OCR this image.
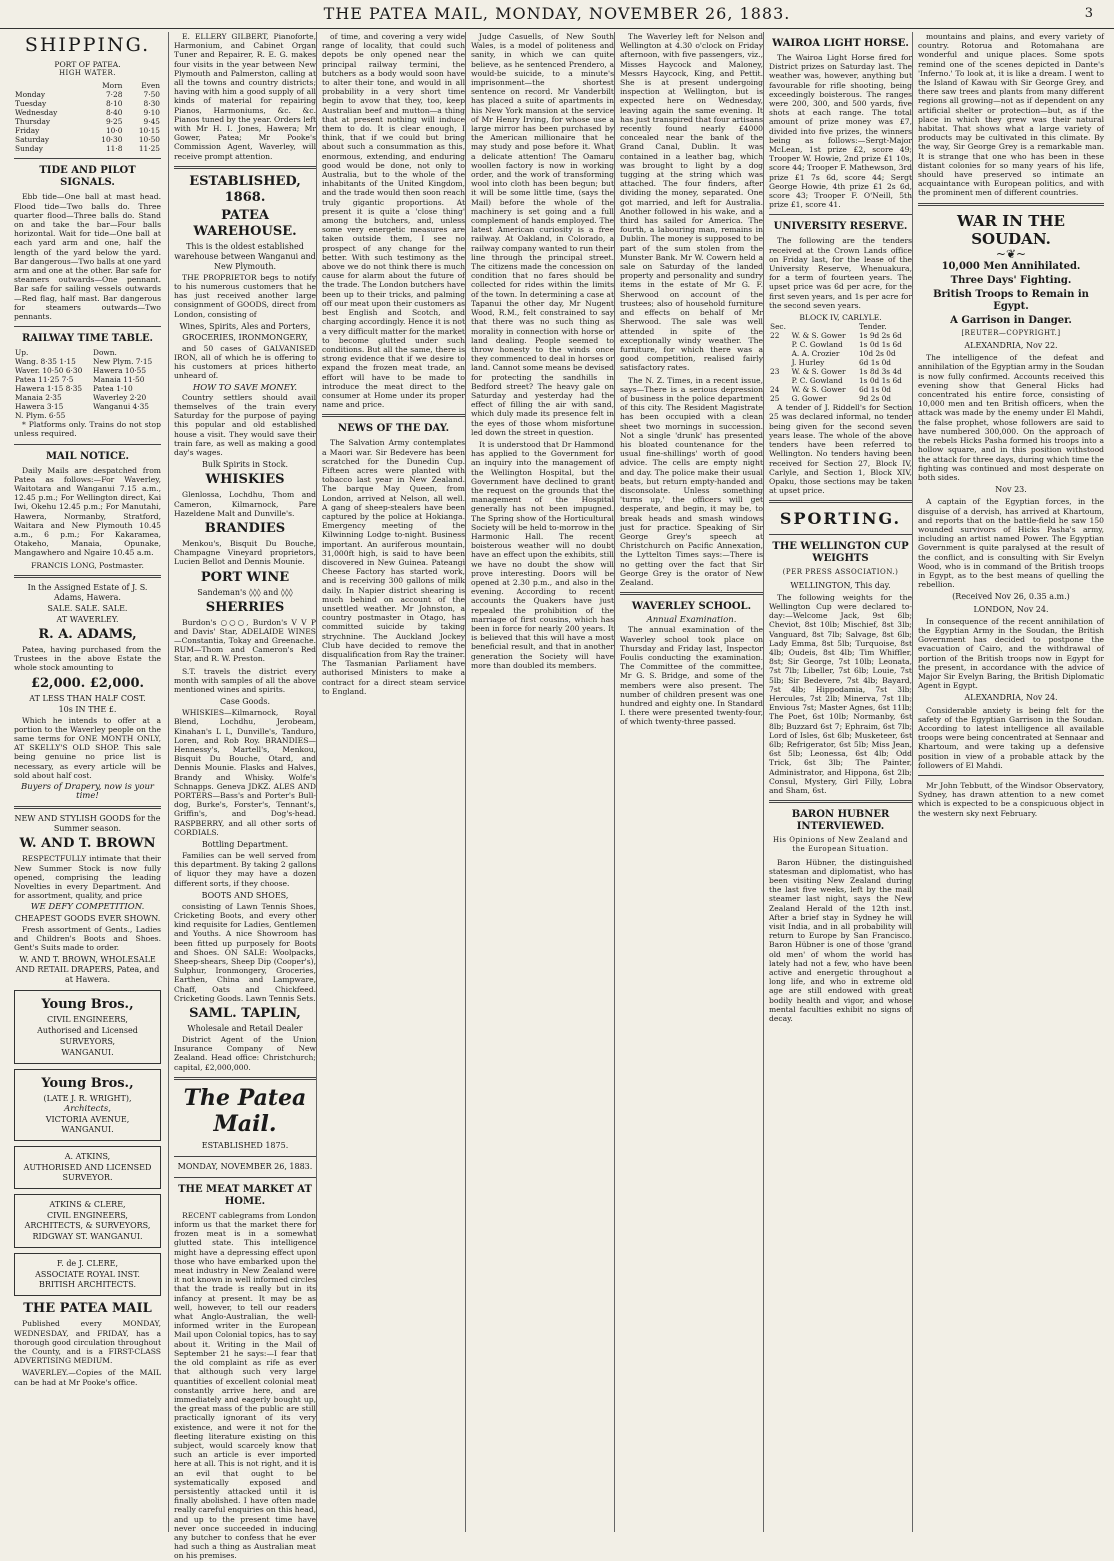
THE PATEA MAIL, MONDAY, NOVEMBER 26, 1883.	3
SHIPPING.
PORT OF PATEA.
HIGH WATER.
	Morn	Even
Monday	7·28	7·50
Tuesday	8·10	8·30
Wednesday	8·40	9·10
Thursday	9·25	9·45
Friday	10·0	10·15
Saturday	10·30	10·50
Sunday	11·8	11·25
TIDE AND PILOT SIGNALS.

Ebb tide—One ball at mast head. Flood tide—Two balls do. Three quarter flood—Three balls do. Stand on and take the bar—Four balls horizontal. Wait for tide—One ball at each yard arm and one, half the length of the yard below the yard. Bar dangerous—Two balls at one yard arm and one at the other. Bar safe for steamers outwards—One pennant. Bar safe for sailing vessels outwards—Red flag, half mast. Bar dangerous for steamers outwards—Two pennants.

RAILWAY TIME TABLE.
Up.	Down.
Wang. 8·35 1·15	New Plym. 7·15
Waver. 10·50 6·30	Hawera 10·55
Patea 11·25 7·5	Manaia 11·50
Hawera 1·15 8·35	Patea 1·10
Manaia 2·35	Waverley 2·20
Hawera 3·15	Wanganui 4·35
N. Plym. 6·55	

* Platforms only. Trains do not stop unless required.

MAIL NOTICE.

Daily Mails are despatched from Patea as follows:—For Waverley, Waitotara and Wanganui 7.15 a.m., 12.45 p.m.; For Wellington direct, Kai Iwi, Okehu 12.45 p.m.; For Manutahi, Hawera, Normanby, Stratford, Waitara and New Plymouth 10.45 a.m., 6 p.m.; For Kakaramea, Otakeho, Manaia, Opunake, Mangawhero and Ngaire 10.45 a.m.

FRANCIS LONG, Postmaster.
In the Assigned Estate of J. S. Adams, Hawera.
SALE. SALE. SALE.
AT WAVERLEY.
R. A. ADAMS,

Patea, having purchased from the Trustees in the above Estate the whole stock amounting to

£2,000. £2,000.
AT LESS THAN HALF COST.
10s IN THE £.

Which he intends to offer at a portion to the Waverley people on the same terms for ONE MONTH ONLY, AT SKELLY'S OLD SHOP. This sale being genuine no price list is necessary, as every article will be sold about half cost.

Buyers of Drapery, now is your time!
NEW AND STYLISH GOODS for the Summer season.
W. AND T. BROWN

RESPECTFULLY intimate that their New Summer Stock is now fully opened, comprising the leading Novelties in every Department. And for assortment, quality, and price

WE DEFY COMPETITION.
CHEAPEST GOODS EVER SHOWN.

Fresh assortment of Gents., Ladies and Children's Boots and Shoes. Gent's Suits made to order.

W. AND T. BROWN, WHOLESALE AND RETAIL DRAPERS, Patea, and at Hawera.
Young Bros.,
CIVIL ENGINEERS,
Authorised and Licensed
SURVEYORS,
WANGANUI.
Young Bros.,
(LATE J. R. WRIGHT),
Architects,
VICTORIA AVENUE, WANGANUI.
A. ATKINS,
AUTHORISED AND LICENSED SURVEYOR.
ATKINS & CLERE,
CIVIL ENGINEERS, ARCHITECTS, & SURVEYORS,
RIDGWAY ST. WANGANUI.
F. de J. CLERE,
ASSOCIATE ROYAL INST. BRITISH ARCHITECTS.
THE PATEA MAIL

Published every MONDAY, WEDNESDAY, and FRIDAY, has a thorough good circulation throughout the County, and is a FIRST-CLASS ADVERTISING MEDIUM.

WAVERLEY.—Copies of the MAIL can be had at Mr Pooke's office.

E. ELLERY GILBERT, Pianoforte, Harmonium, and Cabinet Organ Tuner and Repairer, R. E. G. makes four visits in the year between New Plymouth and Palmerston, calling at all the towns and country districts; having with him a good supply of all kinds of material for repairing Pianos, Harmoniums, &c. &c. Pianos tuned by the year. Orders left with Mr H. I. Jones, Hawera; Mr Gower, Patea; Mr Pooke's Commission Agent, Waverley, will receive prompt attention.

ESTABLISHED, 1868.
PATEA WAREHOUSE.
This is the oldest established warehouse between Wanganui and New Plymouth.

THE PROPRIETOR begs to notify to his numerous customers that he has just received another large consignment of GOODS, direct from London, consisting of

Wines, Spirits, Ales and Porters,
GROCERIES, IRONMONGERY,

and 50 cases of GALVANISED IRON, all of which he is offering to his customers at prices hitherto unheard of.

HOW TO SAVE MONEY.

Country settlers should avail themselves of the train every Saturday for the purpose of paying this popular and old established house a visit. They would save their train fare, as well as making a good day's wages.

Bulk Spirits in Stock.
WHISKIES

Glenlossa, Lochdhu, Thom and Cameron, Kilmarnock, Pare Hazeldene Malt and Dunville's.

BRANDIES

Menkou's, Bisquit Du Bouche, Champagne Vineyard proprietors, Lucien Bellot and Dennis Mounie.

PORT WINE
Sandeman's ◊◊◊ and ◊◊◊
SHERRIES

Burdon's ○○○, Burdon's V V P and Davis' Star, ADELAIDE WINES—Constantia, Tokay and Greenache. RUM—Thom and Cameron's Red Star, and R. W. Preston.

S.T. travels the district every month with samples of all the above mentioned wines and spirits.

Case Goods.

WHISKIES—Kilmarnock, Royal Blend, Lochdhu, Jerobeam, Kinahan's L L, Dunville's, Tanduro, Loren, and Rob Roy. BRANDIES—Hennessy's, Martell's, Menkou, Bisquit Du Bouche, Otard, and Dennis Mounie. Flasks and Halves, Brandy and Whisky. Wolfe's Schnapps. Geneva JDKZ. ALES AND PORTERS—Bass's and Porter's Bull-dog, Burke's, Forster's, Tennant's, Griffin's, and Dog's-head. RASPBERRY, and all other sorts of CORDIALS.

Bottling Department.

Families can be well served from this department. By taking 2 gallons of liquor they may have a dozen different sorts, if they choose.

BOOTS AND SHOES,

consisting of Lawn Tennis Shoes, Cricketing Boots, and every other kind requisite for Ladies, Gentlemen and Youths. A nice Showroom has been fitted up purposely for Boots and Shoes. ON SALE: Woolpacks, Sheep-shears, Sheep Dip (Cooper's), Sulphur, Ironmongery, Groceries, Earthen, China and Lampware, Chaff, Oats and Chickfeed. Cricketing Goods. Lawn Tennis Sets.

SAML. TAPLIN,
Wholesale and Retail Dealer

District Agent of the Union Insurance Company of New Zealand. Head office: Christchurch; capital, £2,000,000.

The Patea Mail.
ESTABLISHED 1875.
MONDAY, NOVEMBER 26, 1883.
THE MEAT MARKET AT HOME.

RECENT cablegrams from London inform us that the market there for frozen meat is in a somewhat glutted state. This intelligence might have a depressing effect upon those who have embarked upon the meat industry in New Zealand were it not known in well informed circles that the trade is really but in its infancy at present. It may be as well, however, to tell our readers what Anglo-Australian, the well-informed writer in the European Mail upon Colonial topics, has to say about it. Writing in the Mail of September 21 he says:—I fear that the old complaint as rife as ever that although such very large quantities of excellent colonial meat constantly arrive here, and are immediately and eagerly bought up, the great mass of the public are still practically ignorant of its very existence, and were it not for the fleeting literature existing on this subject, would scarcely know that such an article is ever imported here at all. This is not right, and it is an evil that ought to be systematically exposed and persistently attacked until it is finally abolished. I have often made really careful enquiries on this head, and up to the present time have never once succeeded in inducing any butcher to confess that he ever had such a thing as Australian meat on his premises.

of time, and covering a very wide range of locality, that could such depots be only opened near the principal railway termini, the butchers as a body would soon have to alter their tone, and would in all probability in a very short time begin to avow that they, too, keep Australian beef and mutton—a thing that at present nothing will induce them to do. It is clear enough, I think, that if we could but bring about such a consummation as this, enormous, extending, and enduring good would be done, not only to Australia, but to the whole of the inhabitants of the United Kingdom, and the trade would then soon reach truly gigantic proportions. At present it is quite a 'close thing' among the butchers, and, unless some very energetic measures are taken outside them, I see no prospect of any change for the better. With such testimony as the above we do not think there is much cause for alarm about the future of the trade. The London butchers have been up to their tricks, and palming off our meat upon their customers as best English and Scotch, and charging accordingly. Hence it is not a very difficult matter for the market to become glutted under such conditions. But all the same, there is strong evidence that if we desire to expand the frozen meat trade, an effort will have to be made to introduce the meat direct to the consumer at Home under its proper name and price.

NEWS OF THE DAY.

The Salvation Army contemplates a Maori war. Sir Bedevere has been scratched for the Dunedin Cup. Fifteen acres were planted with tobacco last year in New Zealand. The barque May Queen, from London, arrived at Nelson, all well. A gang of sheep-stealers have been captured by the police at Hokianga. Emergency meeting of the Kilwinning Lodge to-night. Business important. An auriferous mountain, 31,000ft high, is said to have been discovered in New Guinea. Pateangi Cheese Factory has started work, and is receiving 300 gallons of milk daily. In Napier district shearing is much behind on account of the unsettled weather. Mr Johnston, a country postmaster in Otago, has committed suicide by taking strychnine. The Auckland Jockey Club have decided to remove the disqualification from Ray the trainer. The Tasmanian Parliament have authorised Ministers to make a contract for a direct steam service to England.

Judge Casuells, of New South Wales, is a model of politeness and sanity, in which we can quite believe, as he sentenced Prendero, a would-be suicide, to a minute's imprisonment—the shortest sentence on record. Mr Vanderbilt has placed a suite of apartments in his New York mansion at the service of Mr Henry Irving, for whose use a large mirror has been purchased by the American millionaire that he may study and pose before it. What a delicate attention! The Oamaru woollen factory is now in working order, and the work of transforming wool into cloth has been begun; but it will be some little time, (says the Mail) before the whole of the machinery is set going and a full complement of hands employed. The latest American curiosity is a free railway. At Oakland, in Colorado, a railway company wanted to run their line through the principal street. The citizens made the concession on condition that no fares should be collected for rides within the limits of the town. In determining a case at Tapanui the other day, Mr Nugent Wood, R.M., felt constrained to say that there was no such thing as morality in connection with horse or land dealing. People seemed to throw honesty to the winds once they commenced to deal in horses or land. Cannot some means be devised for protecting the sandhills in Bedford street? The heavy gale on Saturday and yesterday had the effect of filling the air with sand, which duly made its presence felt in the eyes of those whom misfortune led down the street in question.

It is understood that Dr Hammond has applied to the Government for an inquiry into the management of the Wellington Hospital, but the Government have declined to grant the request on the grounds that the management of the Hospital generally has not been impugned. The Spring show of the Horticultural Society will be held to-morrow in the Harmonic Hall. The recent boisterous weather will no doubt have an effect upon the exhibits, still we have no doubt the show will prove interesting. Doors will be opened at 2.30 p.m., and also in the evening. According to recent accounts the Quakers have just repealed the prohibition of the marriage of first cousins, which has been in force for nearly 200 years. It is believed that this will have a most beneficial result, and that in another generation the Society will have more than doubled its members.

The Waverley left for Nelson and Wellington at 4.30 o'clock on Friday afternoon, with five passengers, viz., Misses Haycock and Maloney, Messrs Haycock, King, and Pettit. She is at present undergoing inspection at Wellington, but is expected here on Wednesday, leaving again the same evening. It has just transpired that four artisans recently found nearly £4000 concealed near the bank of the Grand Canal, Dublin. It was contained in a leather bag, which was brought to light by a dog tugging at the string which was attached. The four finders, after dividing the money, separated. One got married, and left for Australia. Another followed in his wake, and a third has sailed for America. The fourth, a labouring man, remains in Dublin. The money is supposed to be part of the sum stolen from the Munster Bank. Mr W. Cowern held a sale on Saturday of the landed property and personality and sundry items in the estate of Mr G. F. Sherwood on account of the trustees; also of household furniture and effects on behalf of Mr Sherwood. The sale was well attended in spite of the exceptionally windy weather. The furniture, for which there was a good competition, realised fairly satisfactory rates.

The N. Z. Times, in a recent issue, says—There is a serious depression of business in the police department of this city. The Resident Magistrate has been occupied with a clean sheet two mornings in succession. Not a single 'drunk' has presented his bloated countenance for the usual fine-shillings' worth of good advice. The cells are empty night and day. The police make their usual beats, but return empty-handed and disconsolate. Unless something 'turns up,' the officers will get desperate, and begin, it may be, to break heads and smash windows just for practice. Speaking of Sir George Grey's speech at Christchurch on Pacific Annexation, the Lyttelton Times says:—There is no getting over the fact that Sir George Grey is the orator of New Zealand.

WAVERLEY SCHOOL.
Annual Examination.

The annual examination of the Waverley school took place on Thursday and Friday last, Inspector Foulis conducting the examination. The Committee of the committee, Mr G. S. Bridge, and some of the members were also present. The number of children present was one hundred and eighty one. In Standard I. there were presented twenty-four, of which twenty-three passed.

WAIROA LIGHT HORSE.

The Wairoa Light Horse fired for District prizes on Saturday last. The weather was, however, anything but favourable for rifle shooting, being exceedingly boisterous. The ranges were 200, 300, and 500 yards, five shots at each range. The total amount of prize money was £7, divided into five prizes, the winners being as follows:—Sergt-Major McLean, 1st prize £2, score 49; Trooper W. Howie, 2nd prize £1 10s, score 44; Trooper F. Mathewson, 3rd prize £1 7s 6d, score 44; Sergt George Howie, 4th prize £1 2s 6d, score 43; Trooper F. O'Neill, 5th prize £1, score 41.

UNIVERSITY RESERVE.

The following are the tenders received at the Crown Lands office on Friday last, for the lease of the University Reserve, Whenuakura, for a term of fourteen years. The upset price was 6d per acre, for the first seven years, and 1s per acre for the second seven years.

BLOCK IV, CARLYLE.
Sec.		Tender.
22	W. & S. Gower	1s 9d 2s 6d
	P. C. Gowland	1s 0d 1s 6d
	A. A. Crozier	10d 2s 0d
	J. Hurley	6d 1s 0d
23	W. & S. Gower	1s 8d 3s 4d
	P. C. Gowland	1s 0d 1s 6d
24	W. & S. Gower	6d 1s 0d
25	G. Gower	9d 2s 0d

A tender of J. Riddell's for Section 25 was declared informal, no tender being given for the second seven years lease. The whole of the above tenders have been referred to Wellington. No tenders having been received for Section 27, Block IV, Carlyle, and Section 1, Block XIV, Opaku, those sections may be taken at upset price.

SPORTING.
THE WELLINGTON CUP WEIGHTS
(PER PRESS ASSOCIATION.)
WELLINGTON, This day.

The following weights for the Wellington Cup were declared to-day:—Welcome Jack, 9st 6lb; Cheviot, 8st 10lb; Mischief, 8st 3lb; Vanguard, 8st 7lb; Salvage, 8st 6lb; Lady Emma, 8st 5lb; Turquoise, 8st 4lb; Oudeis, 8st 4lb; Tim Whiffler, 8st; Sir George, 7st 10lb; Leonata, 7st 7lb; Libeller, 7st 6lb; Louie, 7st 5lb; Sir Bedevere, 7st 4lb; Bayard, 7st 4lb; Hippodamia, 7st 3lb; Hercules, 7st 2lb; Minerva, 7st 1lb; Envious 7st; Master Agnes, 6st 11lb; The Poet, 6st 10lb; Normanby, 6st 8lb; Buzzard 6st 7; Ephraim, 6st 7lb; Lord of Isles, 6st 6lb; Musketeer, 6st 6lb; Refrigerator, 6st 5lb; Miss Jean, 6st 5lb; Leonessa, 6st 4lb; Odd Trick, 6st 3lb; The Painter, Administrator, and Hippona, 6st 2lb; Consul, Mystery, Girl Filly, Lobra and Sham, 6st.

BARON HUBNER INTERVIEWED.
His Opinions of New Zealand and the European Situation.

Baron Hübner, the distinguished statesman and diplomatist, who has been visiting New Zealand during the last five weeks, left by the mail steamer last night, says the New Zealand Herald of the 12th inst. After a brief stay in Sydney he will visit India, and in all probability will return to Europe by San Francisco. Baron Hübner is one of those 'grand old men' of whom the world has lately had not a few, who have been active and energetic throughout a long life, and who in extreme old age are still endowed with great bodily health and vigor, and whose mental faculties exhibit no signs of decay.

mountains and plains, and every variety of country. Rotorua and Rotomahana are wonderful and unique places. Some spots remind one of the scenes depicted in Dante's 'Inferno.' To look at, it is like a dream. I went to the Island of Kawau with Sir George Grey, and there saw trees and plants from many different regions all growing—not as if dependent on any artificial shelter or protection—but, as if the place in which they grew was their natural habitat. That shows what a large variety of products may be cultivated in this climate. By the way, Sir George Grey is a remarkable man. It is strange that one who has been in these distant colonies for so many years of his life, should have preserved so intimate an acquaintance with European politics, and with the prominent men of different countries.

WAR IN THE SOUDAN.
~❦~
10,000 Men Annihilated.
Three Days' Fighting.
British Troops to Remain in Egypt.
A Garrison in Danger.
[REUTER—COPYRIGHT.]
ALEXANDRIA, Nov 22.

The intelligence of the defeat and annihilation of the Egyptian army in the Soudan is now fully confirmed. Accounts received this evening show that General Hicks had concentrated his entire force, consisting of 10,000 men and ten British officers, when the attack was made by the enemy under El Mahdi, the false prophet, whose followers are said to have numbered 300,000. On the approach of the rebels Hicks Pasha formed his troops into a hollow square, and in this position withstood the attack for three days, during which time the fighting was continued and most desperate on both sides.

Nov 23.

A captain of the Egyptian forces, in the disguise of a dervish, has arrived at Khartoum, and reports that on the battle-field he saw 150 wounded survivors of Hicks Pasha's army, including an artist named Power. The Egyptian Government is quite paralysed at the result of the conflict, and is consulting with Sir Evelyn Wood, who is in command of the British troops in Egypt, as to the best means of quelling the rebellion.

(Received Nov 26, 0.35 a.m.)
LONDON, Nov 24.

In consequence of the recent annihilation of the Egyptian Army in the Soudan, the British Government has decided to postpone the evacuation of Cairo, and the withdrawal of portion of the British troops now in Egypt for the present, in accordance with the advice of Major Sir Evelyn Baring, the British Diplomatic Agent in Egypt.

ALEXANDRIA, Nov 24.

Considerable anxiety is being felt for the safety of the Egyptian Garrison in the Soudan. According to latest intelligence all available troops were being concentrated at Sennaar and Khartoum, and were taking up a defensive position in view of a probable attack by the followers of El Mahdi.

Mr John Tebbutt, of the Windsor Observatory, Sydney, has drawn attention to a new comet which is expected to be a conspicuous object in the western sky next February.
